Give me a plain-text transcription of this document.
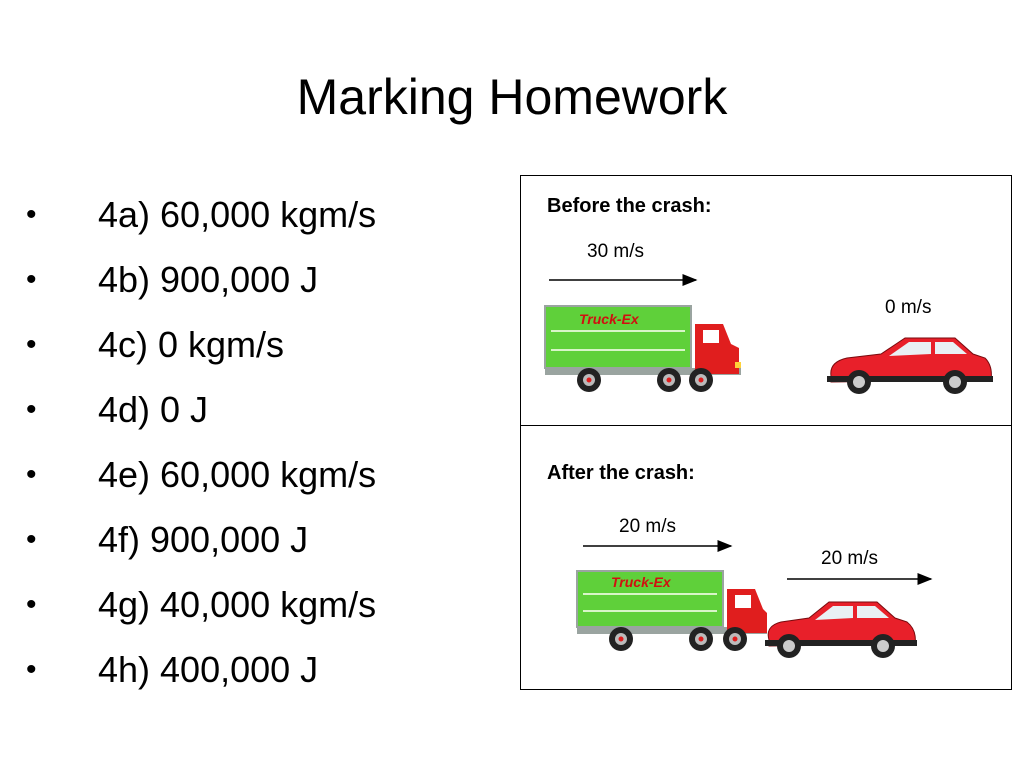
Marking Homework
• 4a) 60,000 kgm/s
• 4b) 900,000 J
• 4c) 0 kgm/s
• 4d) 0 J
• 4e) 60,000 kgm/s
• 4f) 900,000 J
• 4g) 40,000 kgm/s
• 4h) 400,000 J
Before the crash:
30 m/s
0 m/s
After the crash:
20 m/s
20 m/s
Truck-Ex
Truck-Ex
